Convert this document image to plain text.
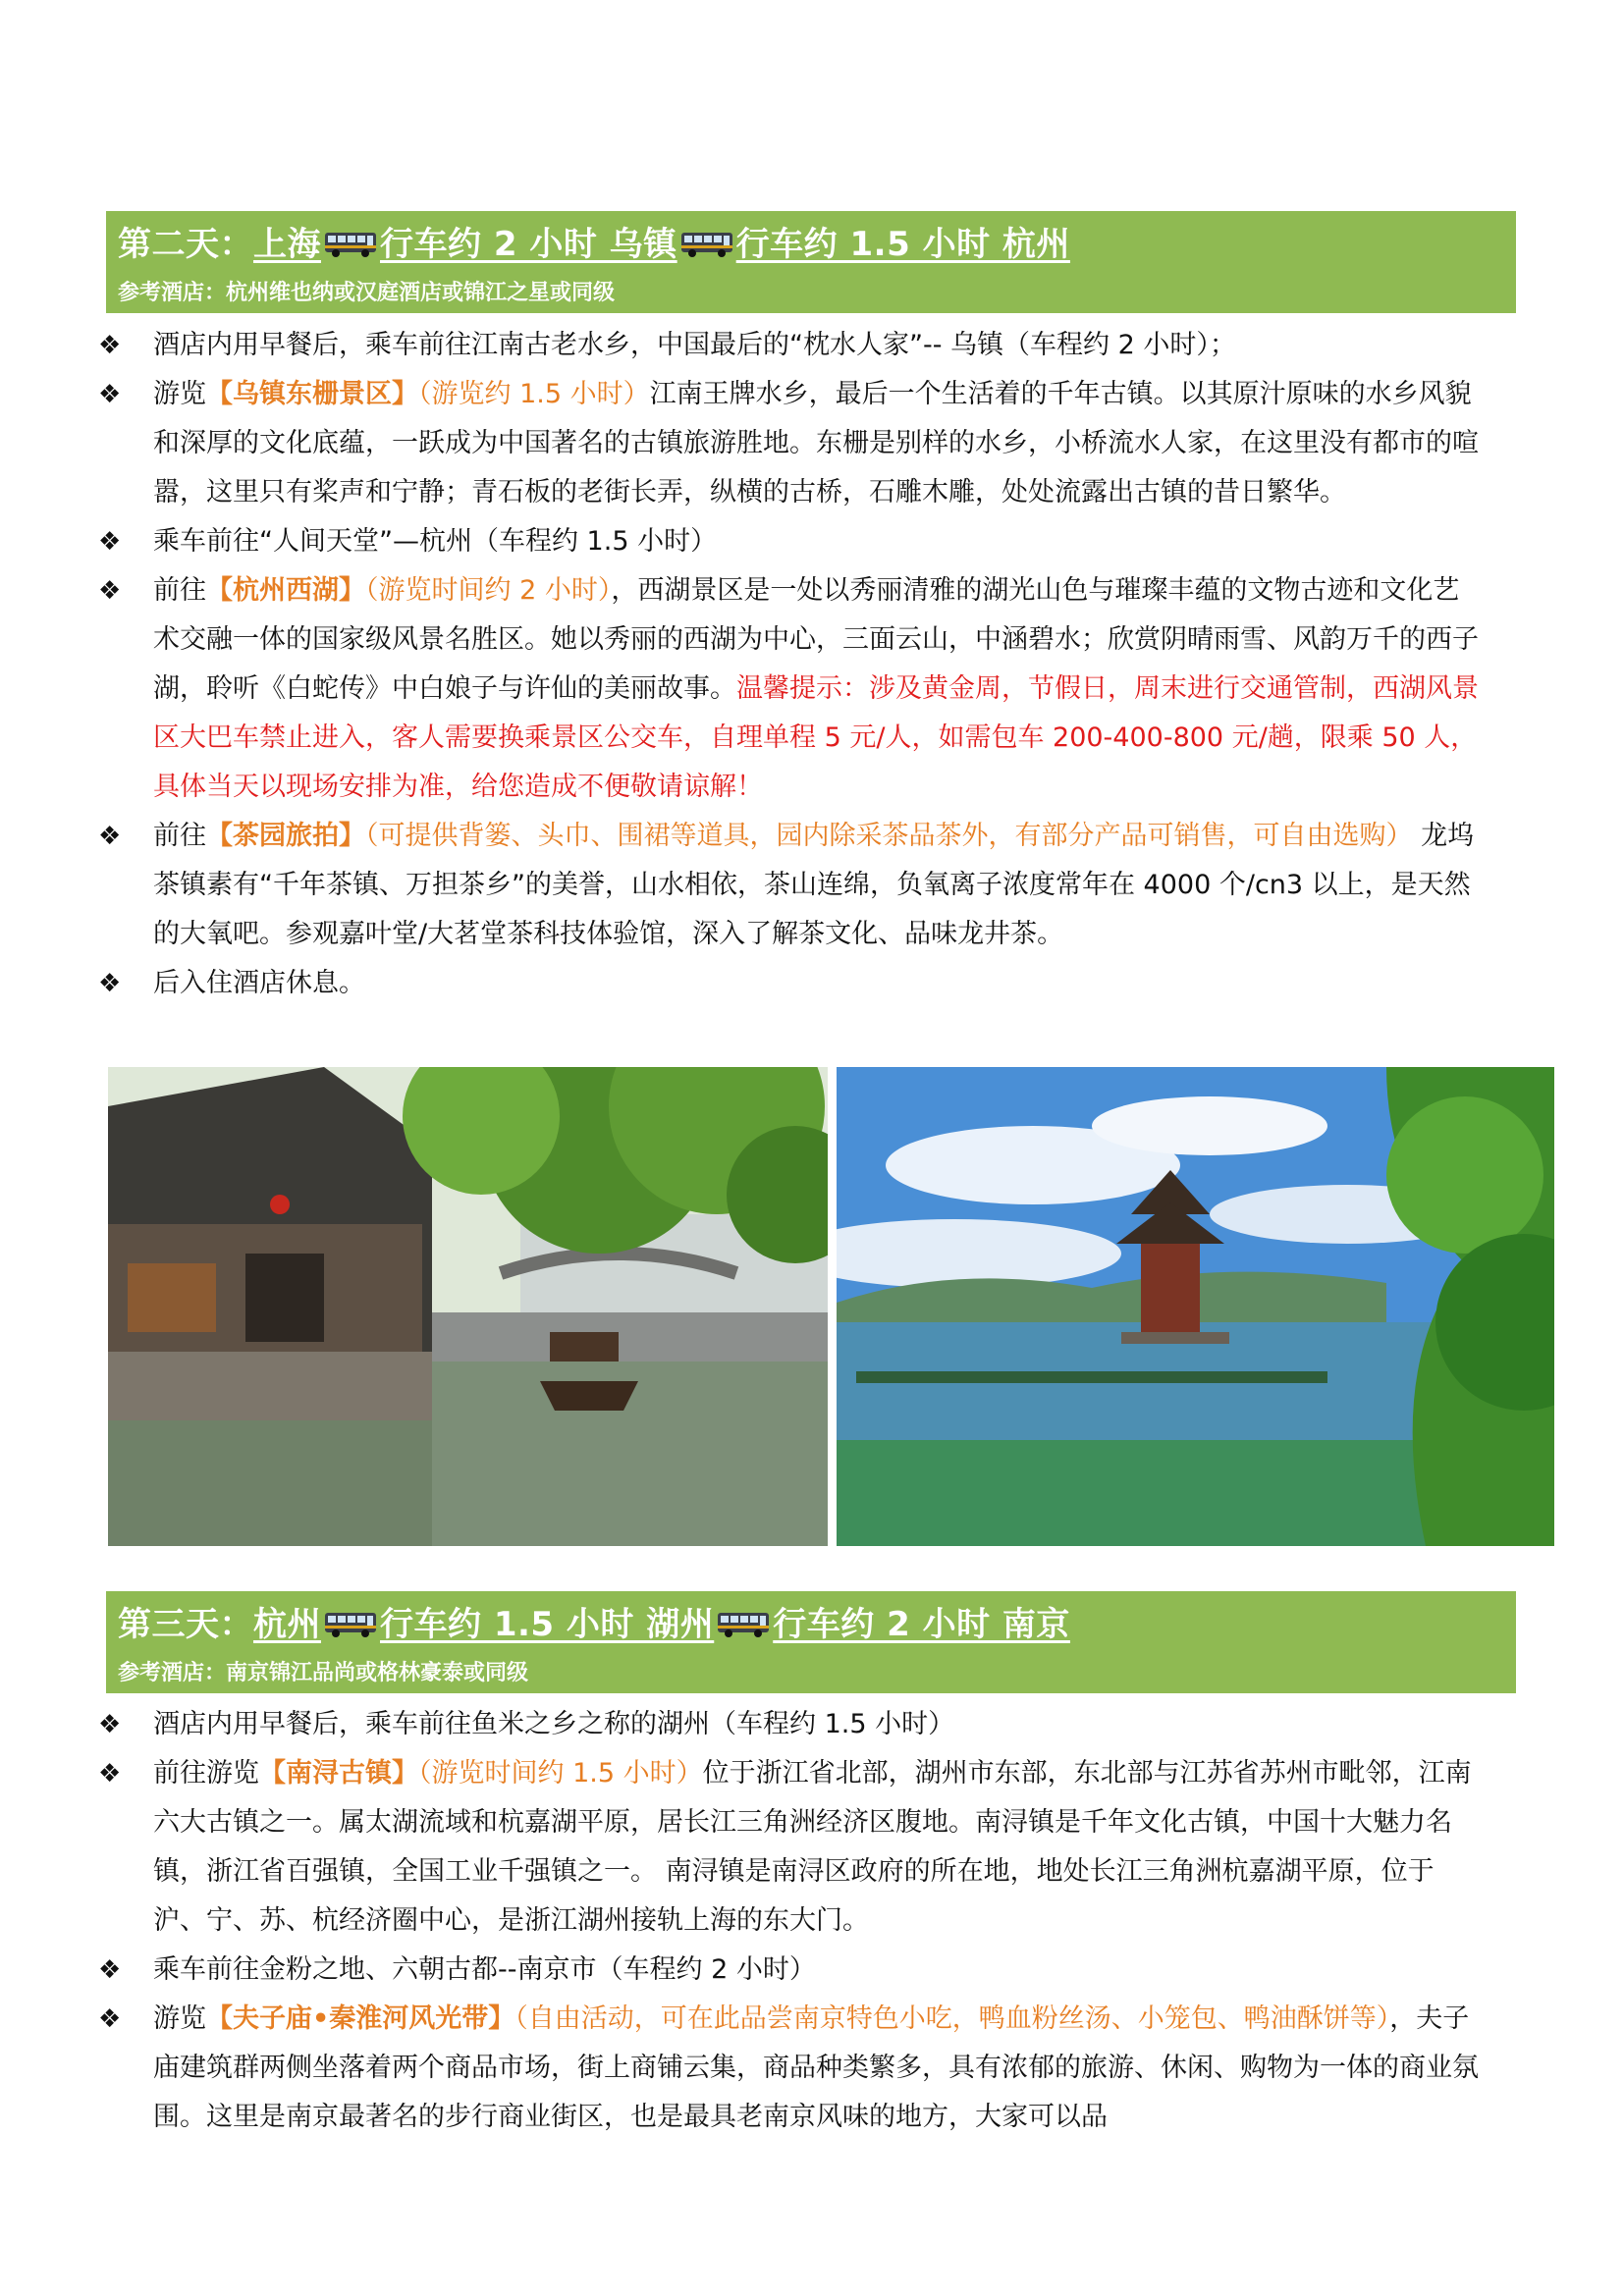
第二天：上海 行车约 2 小时 乌镇 行车约 1.5 小时 杭州
参考酒店：杭州维也纳或汉庭酒店或锦江之星或同级
❖ 酒店内用早餐后，乘车前往江南古老水乡，中国最后的“枕水人家”-- 乌镇（车程约 2 小时）；
❖ 游览【乌镇东栅景区】（游览约 1.5 小时）江南王牌水乡，最后一个生活着的千年古镇。以其原汁原味的水乡风貌和深厚的文化底蕴，一跃成为中国著名的古镇旅游胜地。东栅是别样的水乡，小桥流水人家，在这里没有都市的喧嚣，这里只有桨声和宁静；青石板的老街长弄，纵横的古桥，石雕木雕，处处流露出古镇的昔日繁华。
❖ 乘车前往“人间天堂”—杭州（车程约 1.5 小时）
❖ 前往【杭州西湖】（游览时间约 2 小时），西湖景区是一处以秀丽清雅的湖光山色与璀璨丰蕴的文物古迹和文化艺术交融一体的国家级风景名胜区。她以秀丽的西湖为中心，三面云山，中涵碧水；欣赏阴晴雨雪、风韵万千的西子湖，聆听《白蛇传》中白娘子与许仙的美丽故事。温馨提示：涉及黄金周，节假日，周末进行交通管制，西湖风景区大巴车禁止进入，客人需要换乘景区公交车，自理单程 5 元/人，如需包车 200-400-800 元/趟，限乘 50 人，具体当天以现场安排为准，给您造成不便敬请谅解！
❖ 前往【茶园旅拍】（可提供背篓、头巾、围裙等道具，园内除采茶品茶外，有部分产品可销售，可自由选购） 龙坞茶镇素有“千年茶镇、万担茶乡”的美誉，山水相依，茶山连绵，负氧离子浓度常年在 4000 个/cn3 以上，是天然的大氧吧。参观嘉叶堂/大茗堂茶科技体验馆，深入了解茶文化、品味龙井茶。
❖ 后入住酒店休息。
第三天：杭州 行车约 1.5 小时 湖州 行车约 2 小时 南京
参考酒店：南京锦江品尚或格林豪泰或同级
❖ 酒店内用早餐后，乘车前往鱼米之乡之称的湖州（车程约 1.5 小时）
❖ 前往游览【南浔古镇】（游览时间约 1.5 小时）位于浙江省北部，湖州市东部，东北部与江苏省苏州市毗邻，江南六大古镇之一。属太湖流域和杭嘉湖平原，居长江三角洲经济区腹地。南浔镇是千年文化古镇，中国十大魅力名镇，浙江省百强镇，全国工业千强镇之一。 南浔镇是南浔区政府的所在地，地处长江三角洲杭嘉湖平原，位于沪、宁、苏、杭经济圈中心，是浙江湖州接轨上海的东大门。
❖ 乘车前往金粉之地、六朝古都--南京市（车程约 2 小时）
❖ 游览【夫子庙•秦淮河风光带】（自由活动，可在此品尝南京特色小吃，鸭血粉丝汤、小笼包、鸭油酥饼等），夫子庙建筑群两侧坐落着两个商品市场，街上商铺云集，商品种类繁多，具有浓郁的旅游、休闲、购物为一体的商业氛围。这里是南京最著名的步行商业街区，也是最具老南京风味的地方，大家可以品
